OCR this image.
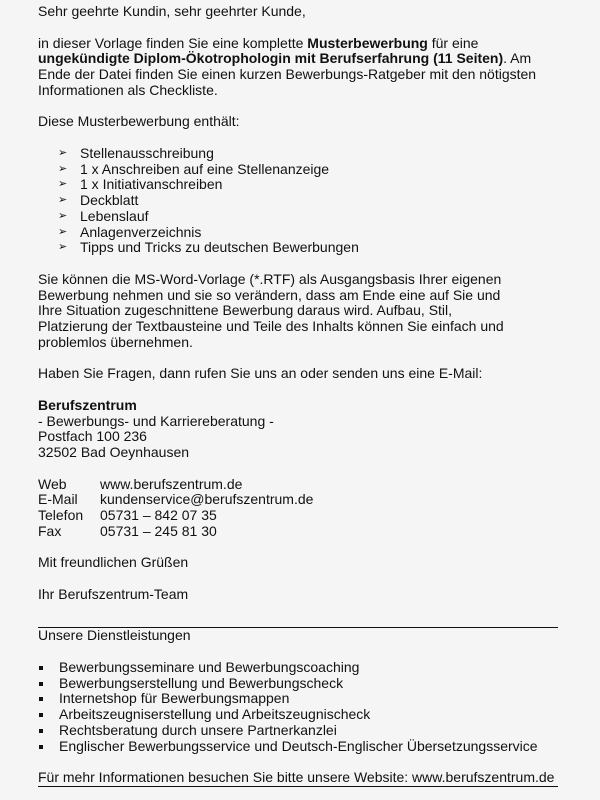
Sehr geehrte Kundin, sehr geehrter Kunde,

in dieser Vorlage finden Sie eine komplette Musterbewerbung für eine ungekündigte Diplom-Ökotrophologin mit Berufserfahrung (11 Seiten). Am Ende der Datei finden Sie einen kurzen Bewerbungs-Ratgeber mit den nötigsten Informationen als Checkliste.

Diese Musterbewerbung enthält:

➢ Stellenausschreibung
➢ 1 x Anschreiben auf eine Stellenanzeige
➢ 1 x Initiativanschreiben
➢ Deckblatt
➢ Lebenslauf
➢ Anlagenverzeichnis
➢ Tipps und Tricks zu deutschen Bewerbungen

Sie können die MS-Word-Vorlage (*.RTF) als Ausgangsbasis Ihrer eigenen Bewerbung nehmen und sie so verändern, dass am Ende eine auf Sie und Ihre Situation zugeschnittene Bewerbung daraus wird. Aufbau, Stil, Platzierung der Textbausteine und Teile des Inhalts können Sie einfach und problemlos übernehmen.

Haben Sie Fragen, dann rufen Sie uns an oder senden uns eine E-Mail:

Berufszentrum

- Bewerbungs- und Karriereberatung -

Postfach 100 236

32502 Bad Oeynhausen

Web	www.berufszentrum.de
E-Mail	kundenservice@berufszentrum.de
Telefon	05731 – 842 07 35
Fax	05731 – 245 81 30

Mit freundlichen Grüßen

Ihr Berufszentrum-Team

Unsere Dienstleistungen

Bewerbungsseminare und Bewerbungscoaching
Bewerbungserstellung und Bewerbungscheck
Internetshop für Bewerbungsmappen
Arbeitszeugniserstellung und Arbeitszeugnischeck
Rechtsberatung durch unsere Partnerkanzlei
Englischer Bewerbungsservice und Deutsch-Englischer Übersetzungsservice

Für mehr Informationen besuchen Sie bitte unsere Website: www.berufszentrum.de
